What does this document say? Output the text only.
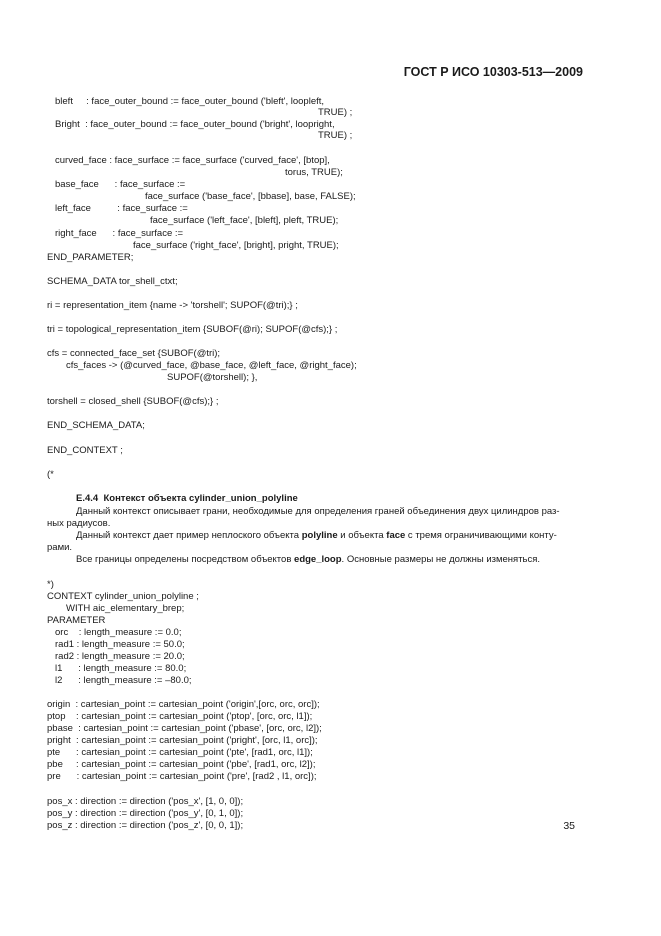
ГОСТ Р ИСО 10303-513—2009
bleft     : face_outer_bound := face_outer_bound ('bleft', loopleft,
TRUE) ;
Bright  : face_outer_bound := face_outer_bound ('bright', loopright,
TRUE) ;
curved_face : face_surface := face_surface ('curved_face', [btop],
torus, TRUE);
base_face      : face_surface :=
face_surface ('base_face', [bbase], base, FALSE);
left_face          : face_surface :=
face_surface ('left_face', [bleft], pleft, TRUE);
right_face      : face_surface :=
face_surface ('right_face', [bright], pright, TRUE);
END_PARAMETER;
SCHEMA_DATA tor_shell_ctxt;
ri = representation_item {name -> 'torshell'; SUPOF(@tri);} ;
tri = topological_representation_item {SUBOF(@ri); SUPOF(@cfs);} ;
cfs = connected_face_set {SUBOF(@tri);
cfs_faces -> (@curved_face, @base_face, @left_face, @right_face);
SUPOF(@torshell); },
torshell = closed_shell {SUBOF(@cfs);} ;
END_SCHEMA_DATA;
END_CONTEXT ;
(*
E.4.4 Контекст объекта cylinder_union_polyline
Данный контекст описывает грани, необходимые для определения граней объединения двух цилиндров раз-
ных радиусов.
Данный контекст дает пример неплоского объекта polyline и объекта face с тремя ограничивающими конту-
рами.
Все границы определены посредством объектов edge_loop. Основные размеры не должны изменяться.
*)
CONTEXT cylinder_union_polyline ;
WITH aic_elementary_brep;
PARAMETER
orc    : length_measure := 0.0;
rad1 : length_measure := 50.0;
rad2 : length_measure := 20.0;
l1      : length_measure := 80.0;
l2      : length_measure := –80.0;
origin  : cartesian_point := cartesian_point ('origin',[orc, orc, orc]);
ptop    : cartesian_point := cartesian_point ('ptop', [orc, orc, l1]);
pbase  : cartesian_point := cartesian_point ('pbase', [orc, orc, l2]);
pright  : cartesian_point := cartesian_point ('pright', [orc, l1, orc]);
pte      : cartesian_point := cartesian_point ('pte', [rad1, orc, l1]);
pbe     : cartesian_point := cartesian_point ('pbe', [rad1, orc, l2]);
pre      : cartesian_point := cartesian_point ('pre', [rad2 , l1, orc]);
pos_x : direction := direction ('pos_x', [1, 0, 0]);
pos_y : direction := direction ('pos_y', [0, 1, 0]);
pos_z : direction := direction ('pos_z', [0, 0, 1]);	35
